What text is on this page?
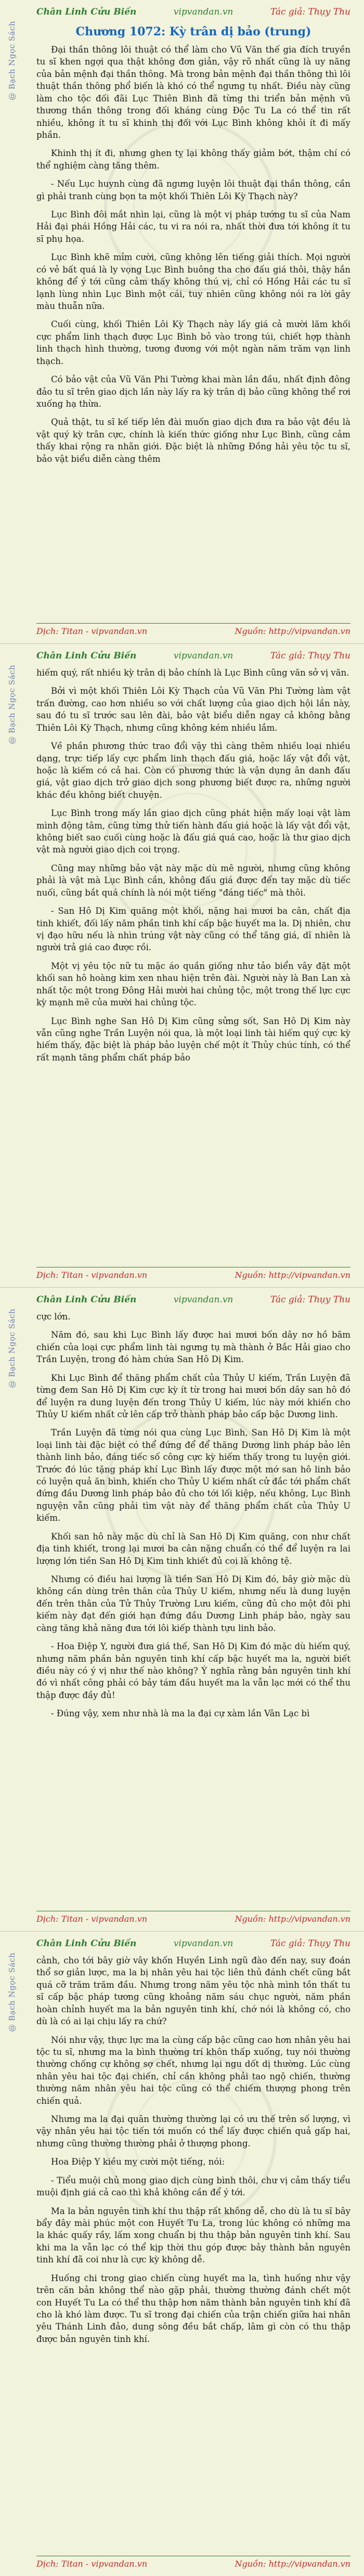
@ Bạch Ngọc Sách
Chân Linh Cửu Biến	vipvandan.vn	Tác giả: Thụy Thu
Chương 1072: Kỳ trân dị bảo (trung)

Đại thần thông lôi thuật có thể làm cho Vũ Văn thế gia đích truyền tu sĩ khen ngợi qua thật không đơn giản, vậy rõ nhất cũng là uy năng của bản mệnh đại thần thông. Mà trong bản mệnh đại thần thông thì lôi thuật thần thông phổ biến là khó có thể ngưng tụ nhất. Điều này cũng làm cho tộc đối đãi Lục Thiên Bình đã từng thi triển bản mệnh vũ thương thần thông trong đối kháng cùng Độc Tu La có thể tin rất nhiều, không ít tu sĩ khinh thị đối với Lục Bình không khỏi ít đi mấy phần.

Khinh thị ít đi, nhưng ghen tỵ lại không thấy giảm bớt, thậm chí có thể nghiệm càng tăng thêm.

- Nếu Lục huynh cùng đã ngưng luyện lôi thuật đại thần thông, cần gì phải tranh cùng bọn ta một khối Thiên Lôi Kỳ Thạch này?

Lục Bình đôi mắt nhìn lại, cũng là một vị pháp tướng tu sĩ của Nam Hải đại phái Hồng Hải các, tu vi ra nói ra, nhất thời đưa tới không ít tu sĩ phụ họa.

Lục Bình khẽ mỉm cười, cũng không lên tiếng giải thích. Mọi người có vẻ bất quá là ly vọng Lục Bình buông tha cho đấu giá thôi, thậy hắn không để ý tới cũng cảm thấy không thú vị, chỉ có Hồng Hải các tu sĩ lạnh lùng nhìn Lục Bình một cái, tuy nhiên cũng không nói ra lời gây màu thuẫn nữa.

Cuối cùng, khối Thiên Lôi Kỳ Thạch này lấy giá cả mười lăm khối cực phẩm linh thạch được Lục Bình bỏ vào trong túi, chiết hợp thành linh thạch hình thường, tương đương với một ngàn năm trăm vạn linh thạch.

Có bảo vật của Vũ Văn Phi Tường khai màn lần đầu, nhất định đông đảo tu sĩ trên giao dịch lần này lấy ra kỳ trân dị bảo cũng không thể rơi xuống hạ thừa.

Quả thật, tu sĩ kế tiếp lên đài muốn giao dịch đưa ra bảo vật đều là vật quý kỳ trân cực, chính là kiến thức giống như Lục Bình, cũng cảm thấy khai rộng ra nhãn giới. Đặc biệt là những Đồng hải yêu tộc tu sĩ, bảo vật biểu diễn càng thêm

Dịch: Titan - vipvandan.vn	Nguồn: http://vipvandan.vn
@ Bạch Ngọc Sách
Chân Linh Cửu Biến	vipvandan.vn	Tác giả: Thụy Thu

hiếm quý, rất nhiều kỳ trân dị bảo chính là Lục Bình cũng văn sở vị văn.

Bởi vì một khối Thiên Lôi Kỳ Thạch của Vũ Văn Phi Tường làm vật trấn đường, cao hơn nhiều so với chất lượng của giao dịch hội lần này, sau đó tu sĩ trước sau lên đài, bảo vật biểu diễn ngay cả không bằng Thiên Lôi Kỳ Thạch, nhưng cũng không kém nhiều lắm.

Về phần phương thức trao đổi vậy thì càng thêm nhiều loại nhiều dạng, trực tiếp lấy cực phẩm linh thạch đấu giá, hoặc lấy vật đổi vật, hoặc là kiếm có cả hai. Còn có phương thức là vận dụng ân danh đấu giá, vật giao dịch trở giao dịch song phương biết được ra, những người khác đều không biết chuyện.

Lục Bình trong mấy lần giao dịch cũng phát hiện mấy loại vật làm mình động tâm, cũng từng thử tiến hành đấu giá hoặc là lấy vật đổi vật, không biết sao cuối cùng hoặc là đấu giá quá cao, hoặc là thư giao dịch vật mà người giao dịch coi trọng.

Cũng may những bảo vật này mặc dù mê người, nhưng cũng không phải là vật mà Lục Bình cần, không đấu giá được đến tay mặc dù tiếc nuối, cũng bắt quá chính là nói một tiếng "đáng tiếc" mà thôi.

- San Hô Dị Kim quăng một khối, nặng hai mươi ba cân, chất địa tinh khiết, đối lấy năm phần tinh khí cấp bậc huyết ma la. Dị nhiên, chư vị đạo hữu nếu là nhìn trúng vật này cũng có thể tăng giá, dĩ nhiên là người trả giá cao được rồi.

Một vị yêu tộc nữ tu mặc áo quần giống như tảo biển vây đặt một khối san hô hoàng kim xen nhau hiện trên đài. Người này là Ban Lan xà nhất tộc một trong Đông Hải mười hai chủng tộc, một trong thế lực cực kỳ mạnh mẽ của mười hai chủng tộc.

Lục Bình nghe San Hô Dị Kim cũng sửng sốt, San Hô Dị Kim này vẫn cũng nghe Trần Luyện nói qua, là một loại linh tài hiếm quý cực kỳ hiếm thấy, đặc biệt là pháp bảo luyện chế một ít Thủy chúc tính, có thể rất mạnh tăng phẩm chất pháp bảo

Dịch: Titan - vipvandan.vn	Nguồn: http://vipvandan.vn
@ Bạch Ngọc Sách
Chân Linh Cửu Biến	vipvandan.vn	Tác giả: Thụy Thu

cực lớn.

Năm đó, sau khi Lục Bình lấy được hai mươi bốn dây nơ hồ băm chiến của loại cực phẩm linh tài ngưng tụ mà thành ở Bắc Hải giao cho Trần Luyện, trong đó hàm chứa San Hô Dị Kim.

Khi Lục Bình để thăng phẩm chất của Thủy U kiếm, Trần Luyện đã từng đem San Hô Dị Kim cực kỳ ít từ trong hai mươi bốn dây san hô đó để luyện ra dung luyện đến trong Thủy U kiếm, lúc này mới khiến cho Thủy U kiếm nhất cử lên cấp trở thành pháp bảo cấp bậc Dương linh.

Trần Luyện đã từng nói qua cùng Lục Bình, San Hô Dị Kim là một loại linh tài đặc biệt có thể đứng để để thăng Dương linh pháp bảo lên thành linh bảo, đáng tiếc số công cực kỳ hiếm thấy trong tu luyện giới. Trước đó lúc tặng pháp khí Lục Bình lấy được một mớ san hô linh bảo có luyện quả ăn bình, khiến cho Thủy U kiếm nhất cử đắc tới phẩm chất đứng đầu Dương linh pháp bảo đủ cho tới lối kiệp, nếu không, Lục Bình nguyện vẫn cũng phải tìm vật này để thăng phẩm chất của Thủy U kiếm.

Khối san hô này mặc dù chỉ là San Hô Dị Kim quăng, con như chất địa tinh khiết, trong lại mươi ba cân nặng chuẩn có thể để luyện ra lai lượng lớn tiền San Hô Dị Kim tinh khiết đủ coi là không tệ.

Nhưng có điều hai lượng là tiền San Hô Dị Kim đó, bây giờ mặc dù không cần dùng trên thân của Thủy U kiếm, nhưng nếu là dung luyện đến trên thân của Tử Thủy Trường Lưu kiếm, cũng đủ cho một đôi phi kiếm này đạt đến giới hạn đứng đầu Dương Linh pháp bảo, ngày sau càng tăng khả năng đưa tới lôi kiếp thành tựu linh bảo.

- Hoa Điệp Y, người đưa giá thế, San Hô Dị Kim đó mặc dù hiếm quý, nhưng năm phần bản nguyên tinh khí cấp bậc huyết ma la, người biết điều này có ý vị như thế nào không? Ý nghĩa rằng bản nguyên tinh khí đó vì nhất công phải có bảy tám đầu huyết ma la vẫn lạc mới có thể thu thập được đầy đủ!

- Đúng vậy, xem như nhà là ma la đại cự xàm lần Vân Lạc bì

Dịch: Titan - vipvandan.vn	Nguồn: http://vipvandan.vn
@ Bạch Ngọc Sách
Chân Linh Cửu Biến	vipvandan.vn	Tác giả: Thụy Thu

cảnh, cho tới bây giờ vây khốn Huyền Linh ngũ đào đến nay, suy đoán thổ sơ giản lược, ma la bị nhân yêu hai tộc liên thủ đánh chết cũng bắt quá cỡ trăm trăm đầu. Nhưng trong năm yêu tộc nhà mình tồn thất tu sĩ cấp bậc pháp tương cũng khoảng năm sáu chục người, năm phần hoàn chỉnh huyết ma la bản nguyên tinh khí, chớ nói là không có, cho dù là có ai lại chịu lấy ra chứ?

Nói như vậy, thực lực ma la cùng cấp bậc cũng cao hơn nhân yêu hai tộc tu sĩ, nhưng ma la bình thường trí khôn thấp xuống, tuy nói thường thường chống cự không sợ chết, nhưng lại ngu dốt dị thường. Lúc cùng nhân yêu hai tộc đại chiến, chỉ cần không phải tao ngộ chiến, thường thường năm nhân yêu hai tộc cũng có thể chiếm thượng phong trên chiến quả.

Nhưng ma la đại quân thường thường lại có ưu thế trên số lượng, vì vậy nhân yêu hai tộc tiến tới muốn có thể lấy được chiến quả gấp hai, nhưng cũng thường thường phải ở thượng phong.

Hoa Điệp Y kiều mỵ cười một tiếng, nói:

- Tiểu muội chủ mong giao dịch cùng bình thôi, chư vị cảm thấy tiểu muội định giá cả cao thì khả không cần để ý tới.

Ma la bản nguyên tinh khí thu thập rất không dễ, cho dù là tu sĩ bây bẩy đây mài phúc một con Huyết Tu La, trong lúc không có những ma la khác quấy rầy, lấm xong chuẩn bị thu thập bản nguyên tinh khí. Sau khi ma la vẫn lạc có thể kịp thời thu góp được bảy thành bản nguyên tinh khí đã coi như là cực kỳ không dễ.

Huống chi trong giao chiến cùng huyết ma la, tình huống như vậy trên căn bản không thể nào gặp phải, thường thường đánh chết một con Huyết Tu La có thể thu thập hơn năm thành bản nguyên tinh khí đã cho là khó làm được. Tu sĩ trong đại chiến của trận chiến giữa hai nhân yêu Thánh Linh đảo, dung sông đều bắt chấp, lâm gì còn có thu thập được bản nguyên tinh khí.

Dịch: Titan - vipvandan.vn	Nguồn: http://vipvandan.vn
